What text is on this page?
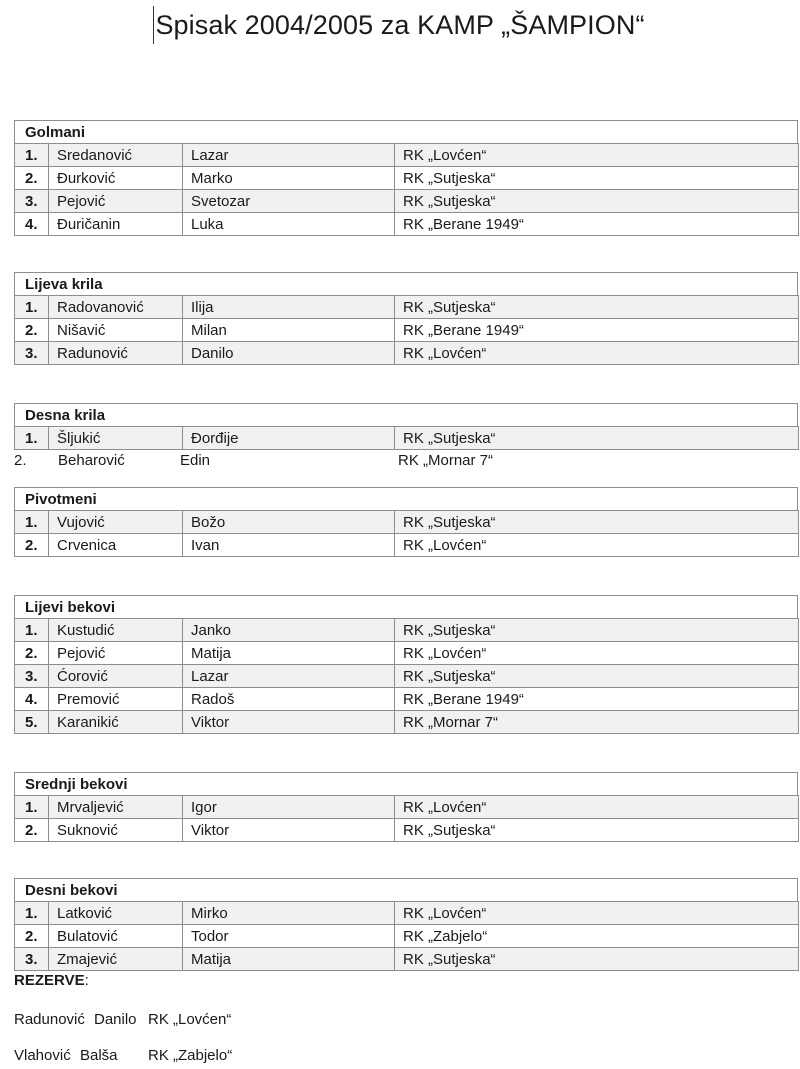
Spisak 2004/2005 za KAMP „ŠAMPION“
Golmani
1.	Sredanović	Lazar	RK „Lovćen“
2.	Đurković	Marko	RK „Sutjeska“
3.	Pejović	Svetozar	RK „Sutjeska“
4.	Đuričanin	Luka	RK „Berane 1949“
Lijeva krila
1.	Radovanović	Ilija	RK „Sutjeska“
2.	Nišavić	Milan	RK „Berane 1949“
3.	Radunović	Danilo	RK „Lovćen“
Desna krila
1.	Šljukić	Đorđije	RK „Sutjeska“
2. Beharović	Edin	RK „Mornar 7“
Pivotmeni
1.	Vujović	Božo	RK „Sutjeska“
2.	Crvenica	Ivan	RK „Lovćen“
Lijevi bekovi
1.	Kustudić	Janko	RK „Sutjeska“
2.	Pejović	Matija	RK „Lovćen“
3.	Ćorović	Lazar	RK „Sutjeska“
4.	Premović	Radoš	RK „Berane 1949“
5.	Karanikić	Viktor	RK „Mornar 7“
Srednji bekovi
1.	Mrvaljević	Igor	RK „Lovćen“
2.	Suknović	Viktor	RK „Sutjeska“
Desni bekovi
1.	Latković	Mirko	RK „Lovćen“
2.	Bulatović	Todor	RK „Zabjelo“
3.	Zmajević	Matija	RK „Sutjeska“
REZERVE:
Radunović Danilo RK „Lovćen“
Vlahović Balša RK „Zabjelo“
